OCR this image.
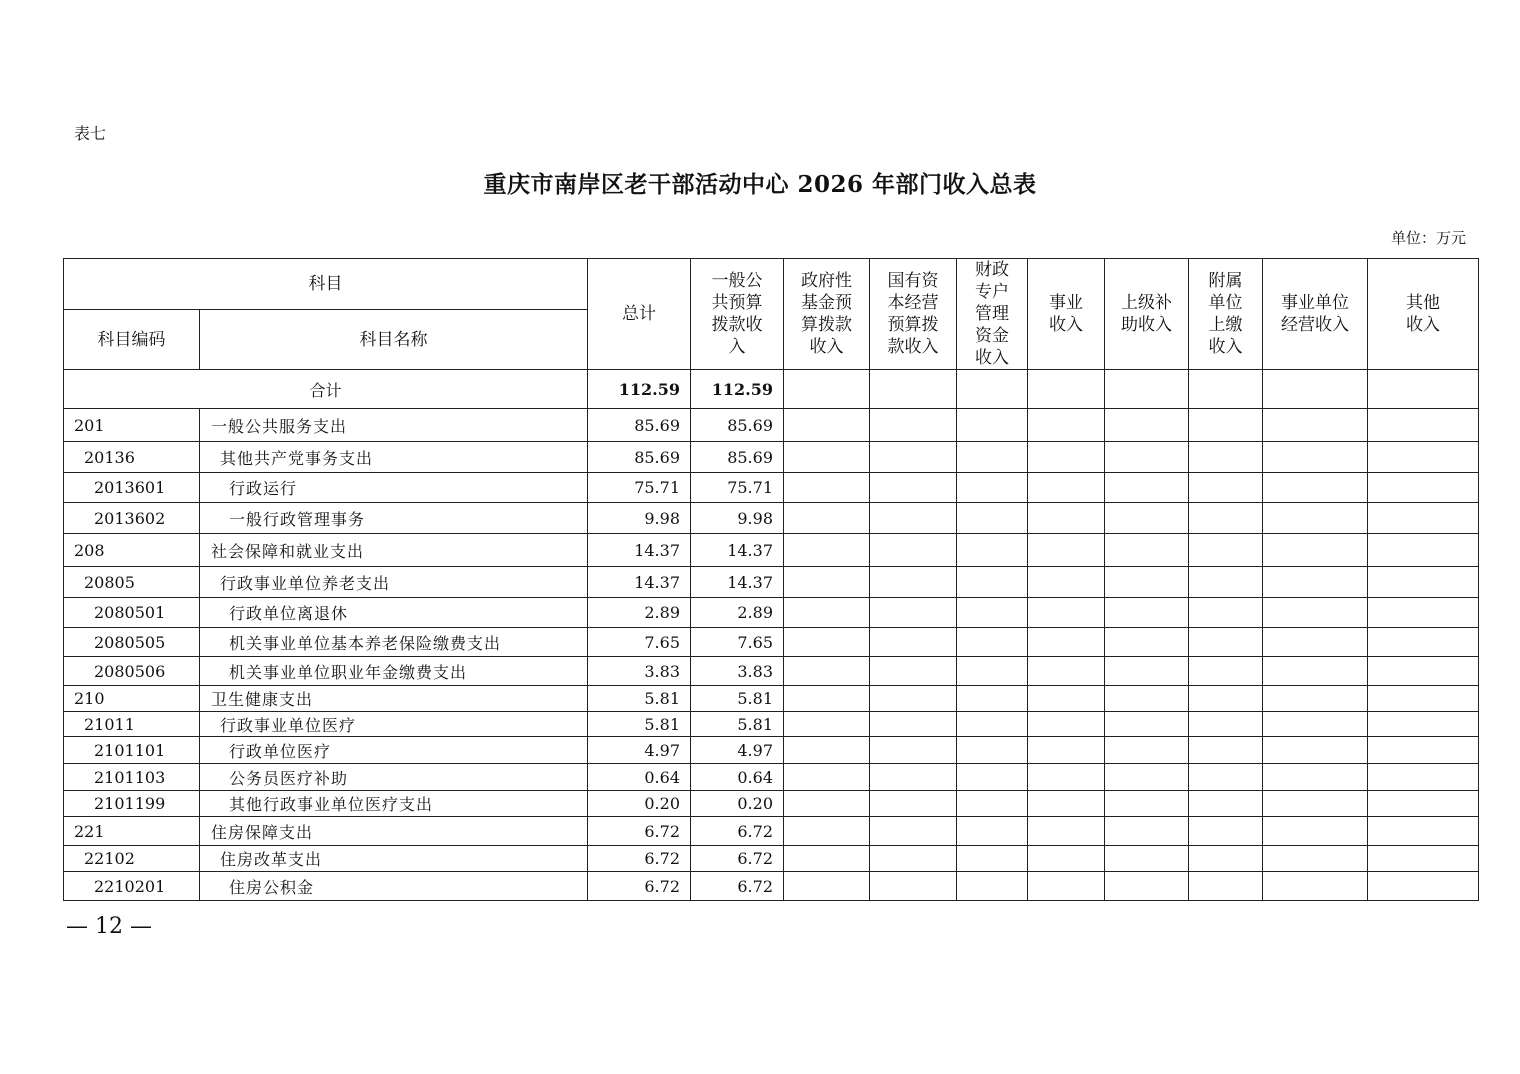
表七
重庆市南岸区老干部活动中心 2026 年部门收入总表
单位：万元
科目		总计	一般公共预算拨款收入	政府性基金预算拨款收入	国有资本经营预算拨款收入	财政专户管理资金收入	事业收入	上级补助收入	附属单位上缴收入	事业单位经营收入	其他收入

科目编码	科目名称										
合计		112.59	112.59								
201	一般公共服务支出	85.69	85.69								
20136	其他共产党事务支出	85.69	85.69								
2013601	行政运行	75.71	75.71								
2013602	一般行政管理事务	9.98	9.98								
208	社会保障和就业支出	14.37	14.37								
20805	行政事业单位养老支出	14.37	14.37								
2080501	行政单位离退休	2.89	2.89								
2080505	机关事业单位基本养老保险缴费支出	7.65	7.65								
2080506	机关事业单位职业年金缴费支出	3.83	3.83								
210	卫生健康支出	5.81	5.81								
21011	行政事业单位医疗	5.81	5.81								
2101101	行政单位医疗	4.97	4.97								
2101103	公务员医疗补助	0.64	0.64								
2101199	其他行政事业单位医疗支出	0.20	0.20								
221	住房保障支出	6.72	6.72								
22102	住房改革支出	6.72	6.72								
2210201	住房公积金	6.72	6.72								
— 12 —
